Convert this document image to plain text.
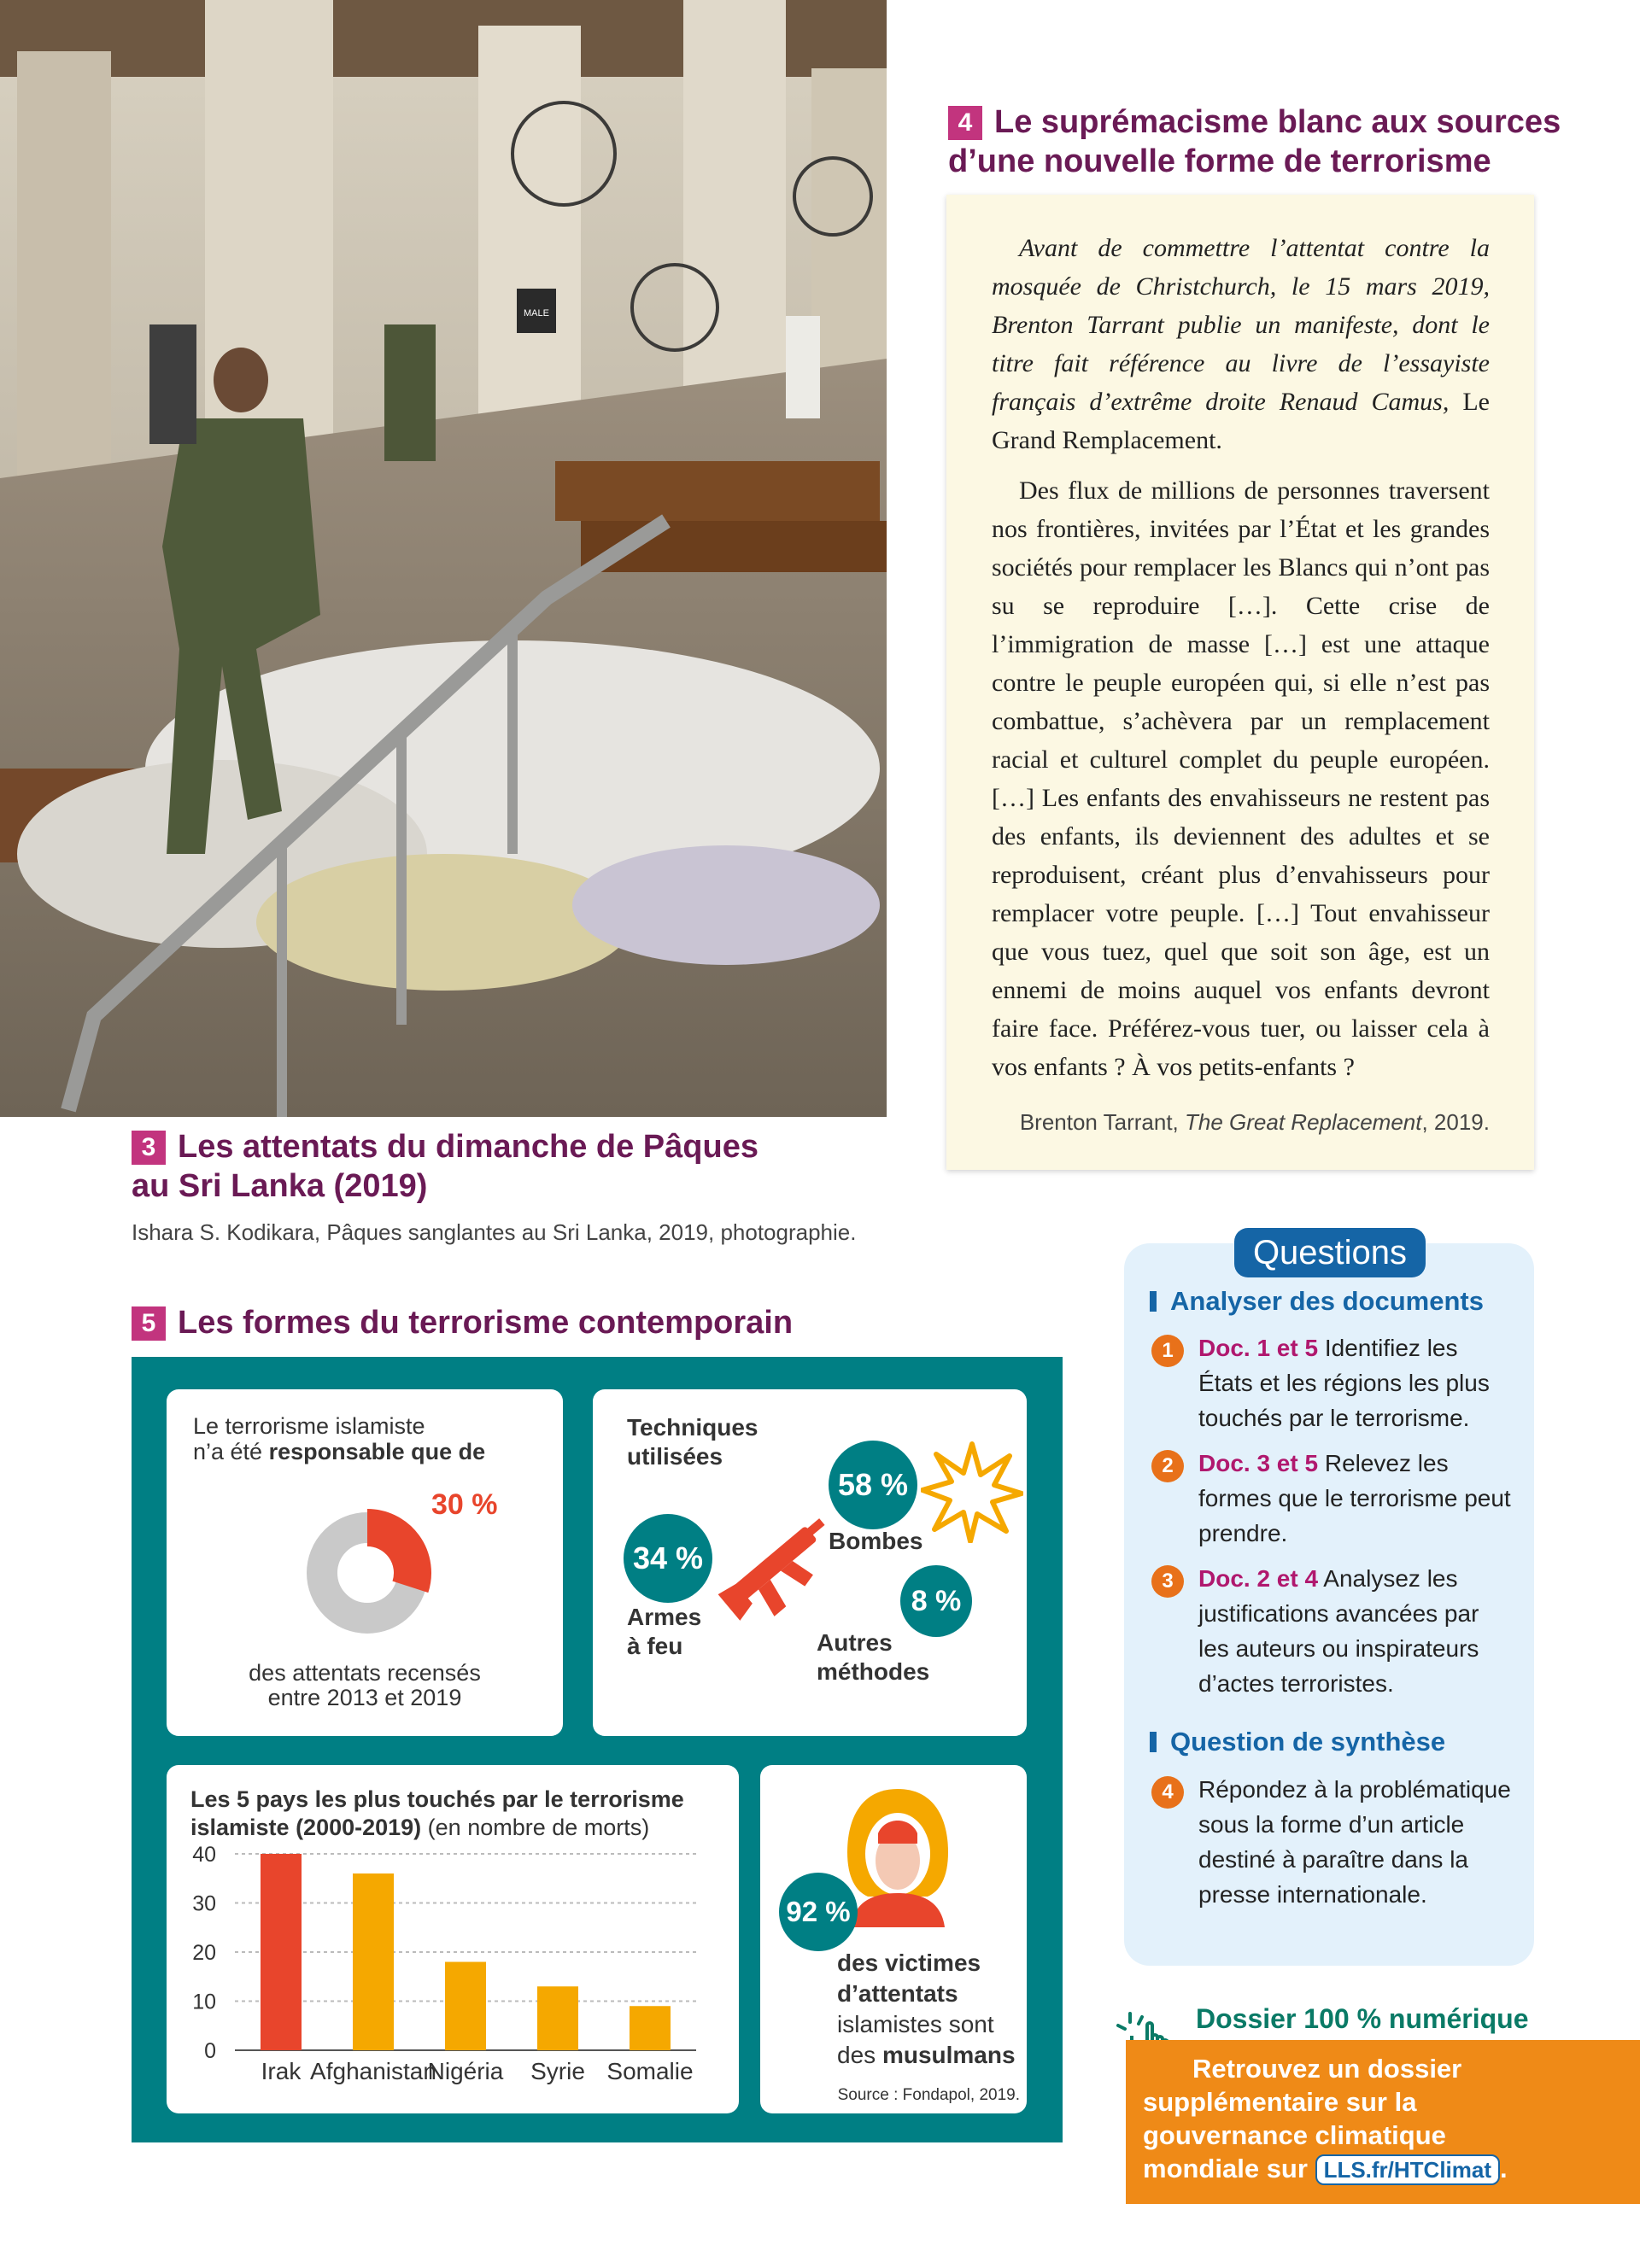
MALE
3 Les attentats du dimanche de Pâques
au Sri Lanka (2019)
Ishara S. Kodikara, Pâques sanglantes au Sri Lanka, 2019, photographie.
4 Le suprémacisme blanc aux sources
d’une nouvelle forme de terrorisme

Avant de commettre l’attentat contre la mosquée de Christchurch, le 15 mars 2019, Brenton Tarrant publie un manifeste, dont le titre fait référence au livre de l’essayiste français d’extrême droite Renaud Camus, Le Grand Remplacement.

Des flux de millions de personnes traversent nos frontières, invitées par l’État et les grandes sociétés pour remplacer les Blancs qui n’ont pas su se reproduire […]. Cette crise de l’immigration de masse […] est une attaque contre le peuple européen qui, si elle n’est pas combattue, s’achèvera par un remplacement racial et culturel complet du peuple européen. […] Les enfants des envahisseurs ne restent pas des enfants, ils deviennent des adultes et se reproduisent, créant plus d’envahisseurs pour remplacer votre peuple. […] Tout envahisseur que vous tuez, quel que soit son âge, est un ennemi de moins auquel vos enfants devront faire face. Préférez-vous tuer, ou laisser cela à vos enfants ? À vos petits-enfants ?

Brenton Tarrant, The Great Replacement, 2019.

5 Les formes du terrorisme contemporain
Le terrorisme islamiste
n’a été responsable que de
30 %
des attentats recensés
entre 2013 et 2019
Techniques
utilisées
58 %
Bombes
34 %
Armes
à feu
8 %
Autres
méthodes
Les 5 pays les plus touchés par le terrorisme
islamiste (2000-2019) (en nombre de morts)
0
10
20
30
40
Irak Afghanistan
Nigéria Syrie Somalie
92 %
des victimes
d’attentats
islamistes sont
des musulmans
Source : Fondapol, 2019.
Questions
Analyser des documents
1	Doc. 1 et 5 Identifiez les États et les régions les plus touchés par le terrorisme.
2	Doc. 3 et 5 Relevez les formes que le terrorisme peut prendre.
3	Doc. 2 et 4 Analysez les justifications avancées par les auteurs ou inspirateurs d’actes terroristes.
Question de synthèse
4	Répondez à la problématique sous la forme d’un article destiné à paraître dans la presse internationale.
Dossier 100 % numérique
Retrouvez un dossier
supplémentaire sur la
gouvernance climatique
mondiale sur LLS.fr/HTClimat .
